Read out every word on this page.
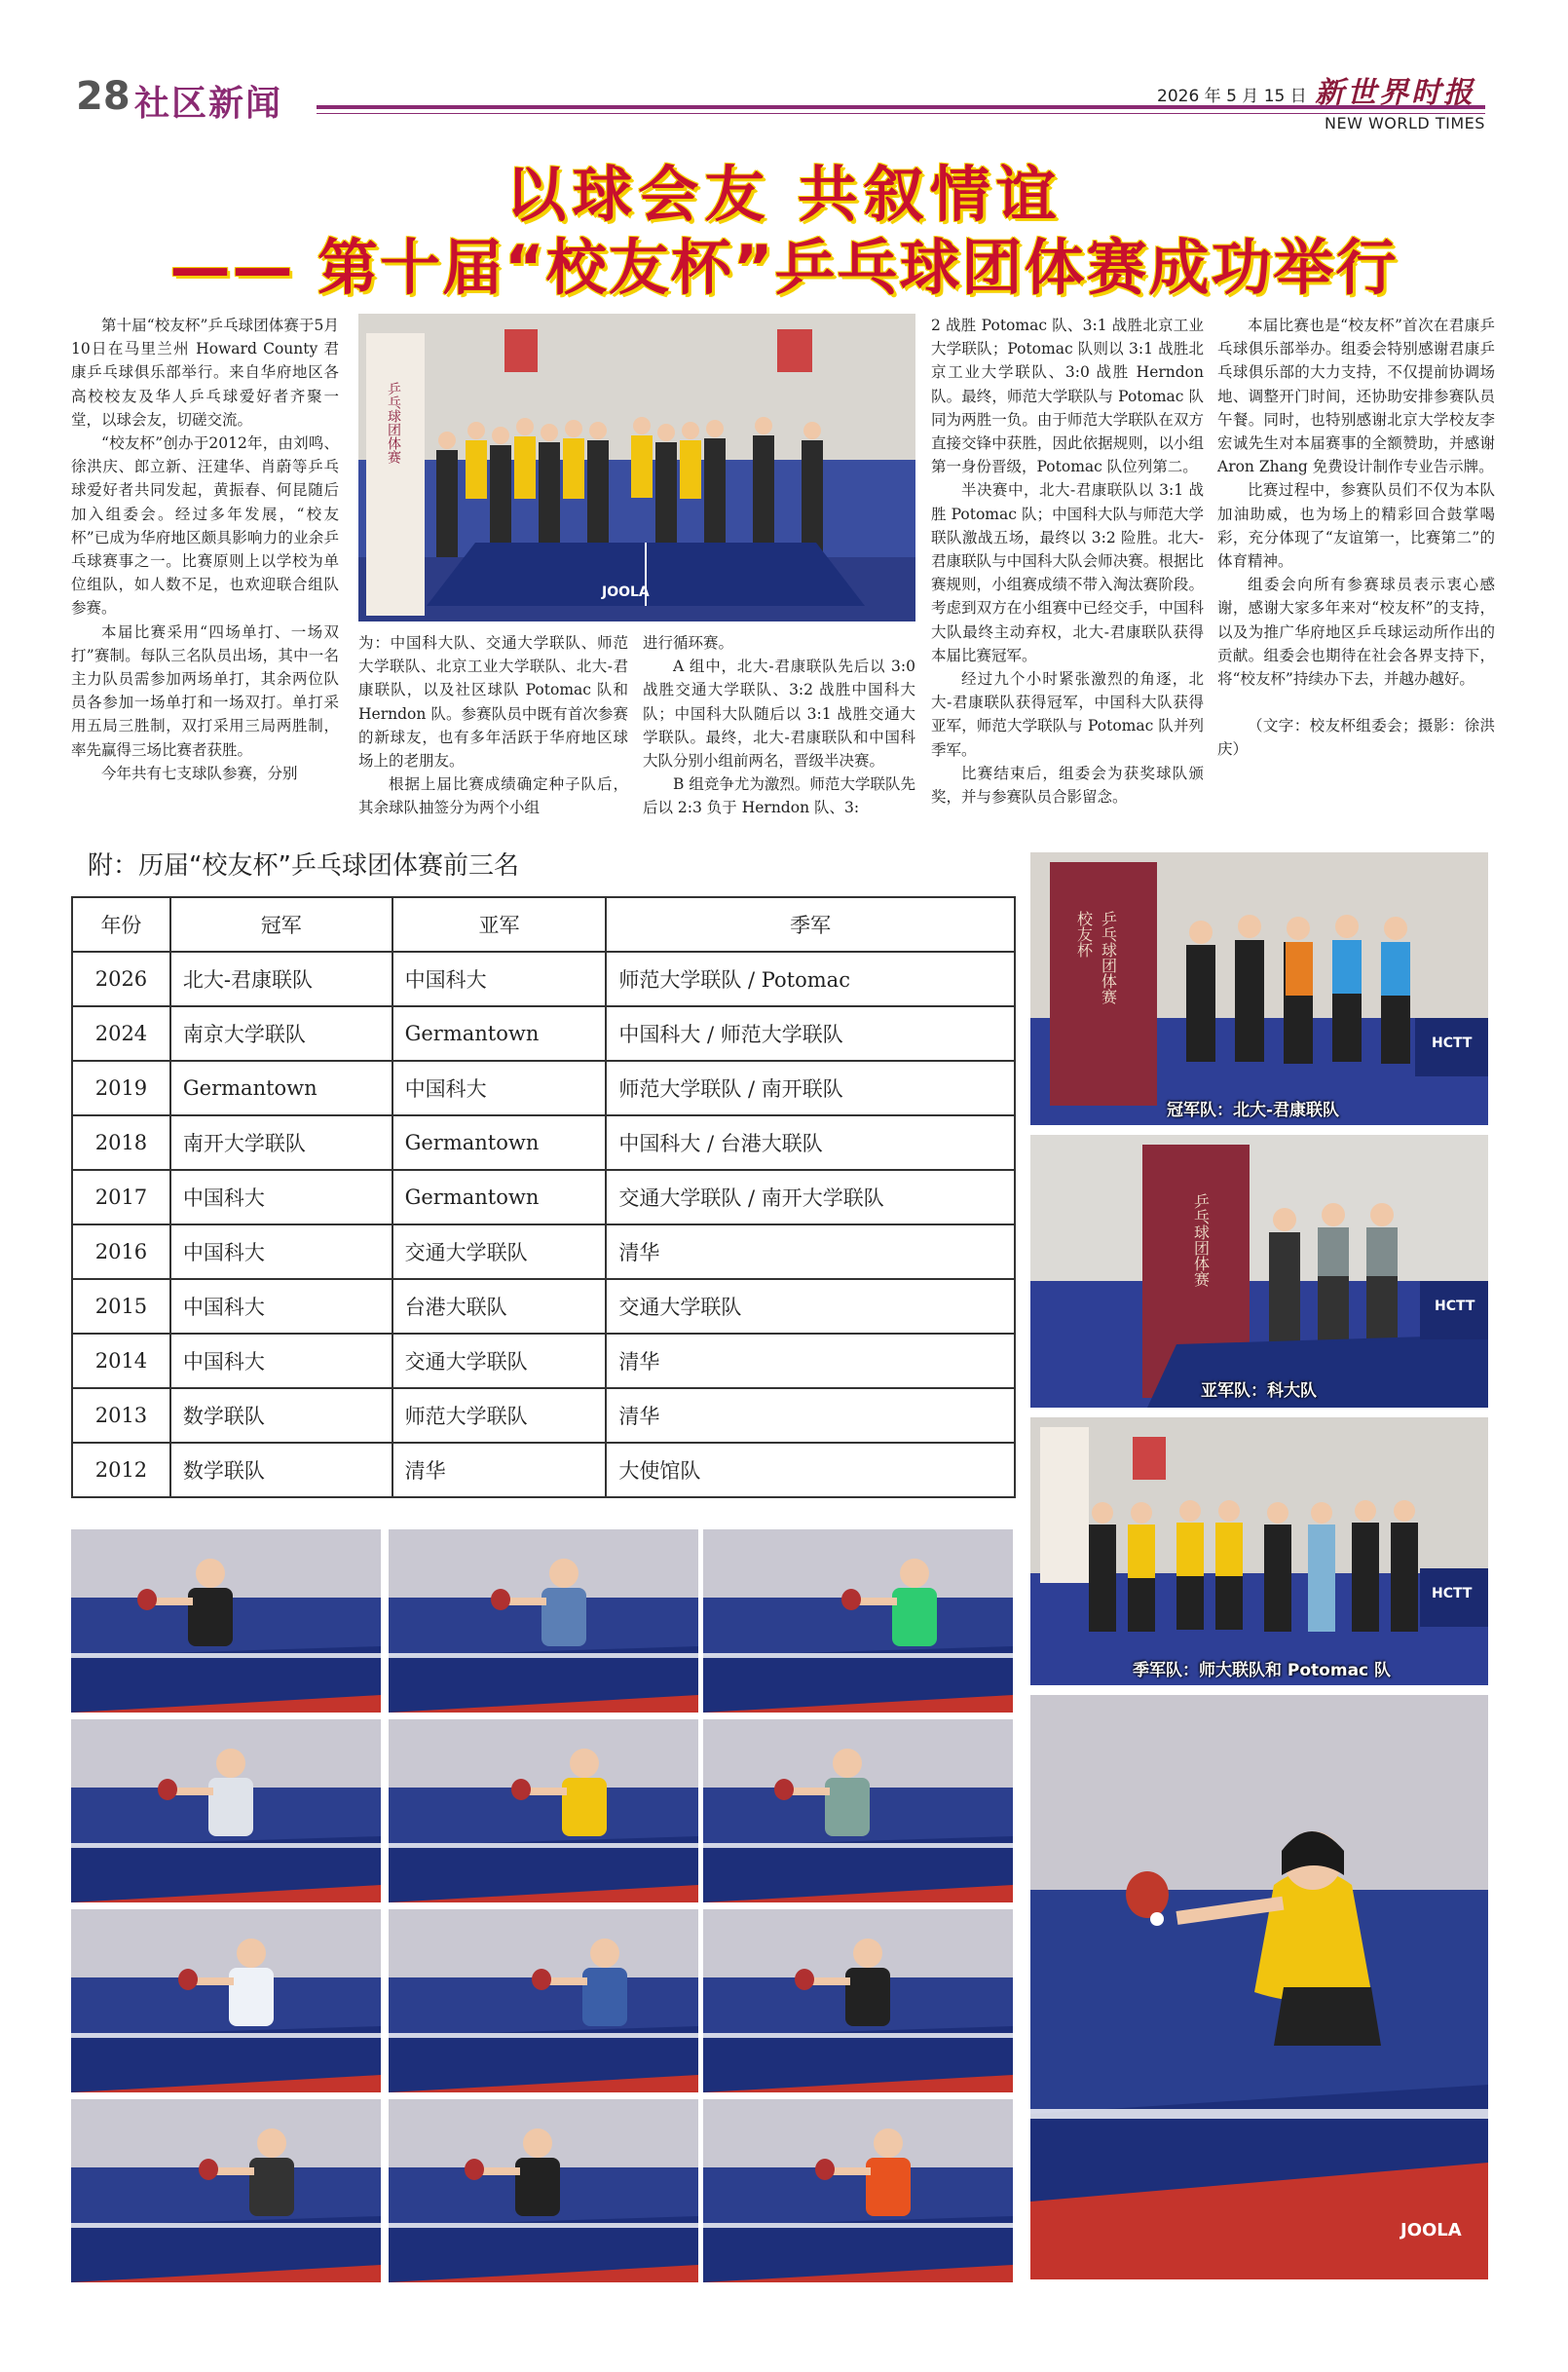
28 社区新闻	2026 年 5 月 15 日 新世界时报
NEW WORLD TIMES
以球会友 共叙情谊
—— 第十届“校友杯”乒乓球团体赛成功举行

第十届“校友杯”乒乓球团体赛于5月10日在马里兰州 Howard County 君康乒乓球俱乐部举行。来自华府地区各高校校友及华人乒乓球爱好者齐聚一堂，以球会友，切磋交流。

“校友杯”创办于2012年，由刘鸣、徐洪庆、郎立新、汪建华、肖蔚等乒乓球爱好者共同发起，黄振春、何昆随后加入组委会。经过多年发展，“校友杯”已成为华府地区颇具影响力的业余乒乓球赛事之一。比赛原则上以学校为单位组队，如人数不足，也欢迎联合组队参赛。

本届比赛采用“四场单打、一场双打”赛制。每队三名队员出场，其中一名主力队员需参加两场单打，其余两位队员各参加一场单打和一场双打。单打采用五局三胜制，双打采用三局两胜制，率先赢得三场比赛者获胜。

今年共有七支球队参赛，分别

乒乓球团体赛
JOOLA

为：中国科大队、交通大学联队、师范大学联队、北京工业大学联队、北大-君康联队，以及社区球队 Potomac 队和 Herndon 队。参赛队员中既有首次参赛的新球友，也有多年活跃于华府地区球场上的老朋友。

根据上届比赛成绩确定种子队后，其余球队抽签分为两个小组

进行循环赛。

A 组中，北大-君康联队先后以 3:0 战胜交通大学联队、3:2 战胜中国科大队；中国科大队随后以 3:1 战胜交通大学联队。最终，北大-君康联队和中国科大队分别小组前两名，晋级半决赛。

B 组竞争尤为激烈。师范大学联队先后以 2:3 负于 Herndon 队、3:

2 战胜 Potomac 队、3:1 战胜北京工业大学联队；Potomac 队则以 3:1 战胜北京工业大学联队、3:0 战胜 Herndon 队。最终，师范大学联队与 Potomac 队同为两胜一负。由于师范大学联队在双方直接交锋中获胜，因此依据规则，以小组第一身份晋级，Potomac 队位列第二。

半决赛中，北大-君康联队以 3:1 战胜 Potomac 队；中国科大队与师范大学联队激战五场，最终以 3:2 险胜。北大-君康联队与中国科大队会师决赛。根据比赛规则，小组赛成绩不带入淘汰赛阶段。考虑到双方在小组赛中已经交手，中国科大队最终主动弃权，北大-君康联队获得本届比赛冠军。

经过九个小时紧张激烈的角逐，北大-君康联队获得冠军，中国科大队获得亚军，师范大学联队与 Potomac 队并列季军。

比赛结束后，组委会为获奖球队颁奖，并与参赛队员合影留念。

本届比赛也是“校友杯”首次在君康乒乓球俱乐部举办。组委会特别感谢君康乒乓球俱乐部的大力支持，不仅提前协调场地、调整开门时间，还协助安排参赛队员午餐。同时，也特别感谢北京大学校友李宏诚先生对本届赛事的全额赞助，并感谢 Aron Zhang 免费设计制作专业告示牌。

比赛过程中，参赛队员们不仅为本队加油助威，也为场上的精彩回合鼓掌喝彩，充分体现了“友谊第一，比赛第二”的体育精神。

组委会向所有参赛球员表示衷心感谢，感谢大家多年来对“校友杯”的支持，以及为推广华府地区乒乓球运动所作出的贡献。组委会也期待在社会各界支持下，将“校友杯”持续办下去，并越办越好。

（文字：校友杯组委会；摄影：徐洪庆）

附：历届“校友杯”乒乓球团体赛前三名
年份	冠军	亚军	季军
2026	北大-君康联队	中国科大	师范大学联队 / Potomac
2024	南京大学联队	Germantown	中国科大 / 师范大学联队
2019	Germantown	中国科大	师范大学联队 / 南开联队
2018	南开大学联队	Germantown	中国科大 / 台港大联队
2017	中国科大	Germantown	交通大学联队 / 南开大学联队
2016	中国科大	交通大学联队	清华
2015	中国科大	台港大联队	交通大学联队
2014	中国科大	交通大学联队	清华
2013	数学联队	师范大学联队	清华
2012	数学联队	清华	大使馆队
乒乓球团体赛
校友杯
HCTT
冠军队：北大-君康联队
乒乓球团体赛
HCTT
亚军队：科大队
HCTT
季军队：师大联队和 Potomac 队
JOOLA
